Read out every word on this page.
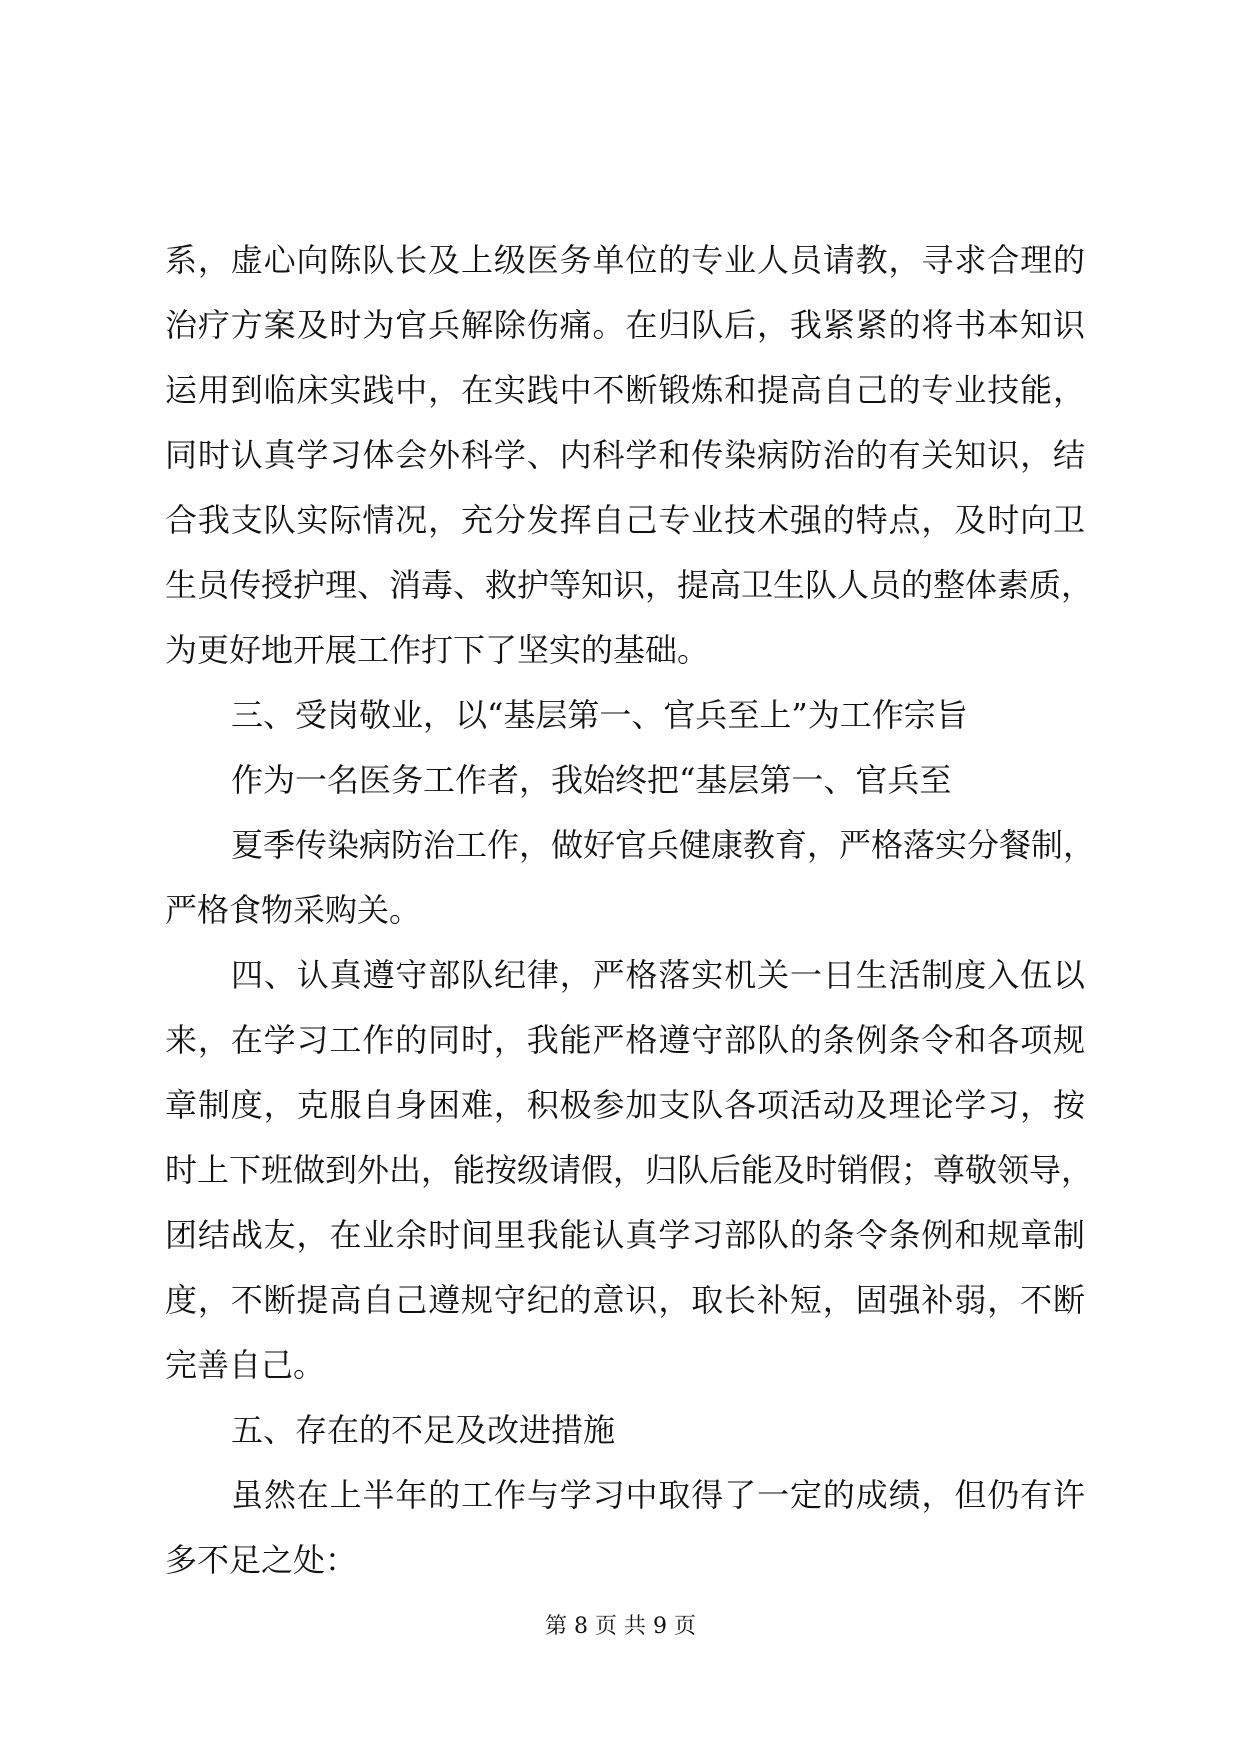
系，虚心向陈队长及上级医务单位的专业人员请教，寻求合理的
治疗方案及时为官兵解除伤痛。在归队后，我紧紧的将书本知识
运用到临床实践中，在实践中不断锻炼和提高自己的专业技能，
同时认真学习体会外科学、内科学和传染病防治的有关知识，结
合我支队实际情况，充分发挥自己专业技术强的特点，及时向卫
生员传授护理、消毒、救护等知识，提高卫生队人员的整体素质，
为更好地开展工作打下了坚实的基础。
三、受岗敬业，以“基层第一、官兵至上”为工作宗旨
作为一名医务工作者，我始终把“基层第一、官兵至
夏季传染病防治工作，做好官兵健康教育，严格落实分餐制，
严格食物采购关。
四、认真遵守部队纪律，严格落实机关一日生活制度入伍以
来，在学习工作的同时，我能严格遵守部队的条例条令和各项规
章制度，克服自身困难，积极参加支队各项活动及理论学习，按
时上下班做到外出，能按级请假，归队后能及时销假；尊敬领导，
团结战友，在业余时间里我能认真学习部队的条令条例和规章制
度，不断提高自己遵规守纪的意识，取长补短，固强补弱，不断
完善自己。
五、存在的不足及改进措施
虽然在上半年的工作与学习中取得了一定的成绩，但仍有许
多不足之处：
第 8 页 共 9 页
